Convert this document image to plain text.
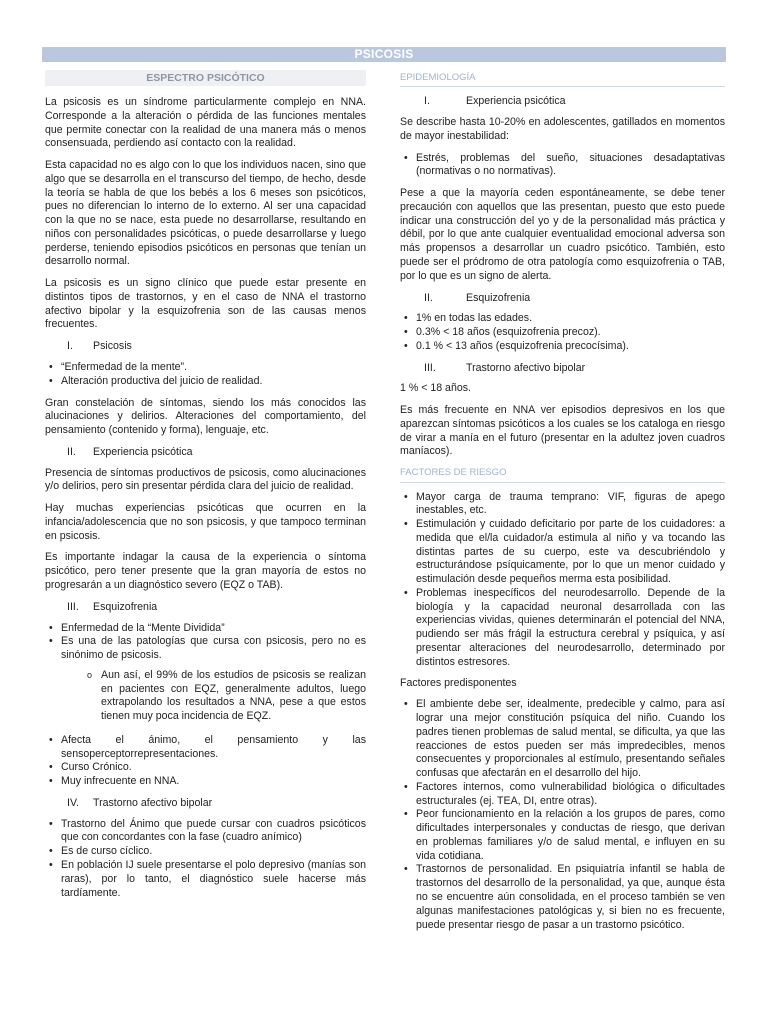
PSICOSIS
ESPECTRO PSICÓTICO

La psicosis es un síndrome particularmente complejo en NNA. Corresponde a la alteración o pérdida de las funciones mentales que permite conectar con la realidad de una manera más o menos consensuada, perdiendo así contacto con la realidad.

Esta capacidad no es algo con lo que los individuos nacen, sino que algo que se desarrolla en el transcurso del tiempo, de hecho, desde la teoría se habla de que los bebés a los 6 meses son psicóticos, pues no diferencian lo interno de lo externo. Al ser una capacidad con la que no se nace, esta puede no desarrollarse, resultando en niños con personalidades psicóticas, o puede desarrollarse y luego perderse, teniendo episodios psicóticos en personas que tenían un desarrollo normal.

La psicosis es un signo clínico que puede estar presente en distintos tipos de trastornos, y en el caso de NNA el trastorno afectivo bipolar y la esquizofrenia son de las causas menos frecuentes.

I.	Psicosis
• “Enfermedad de la mente”.
• Alteración productiva del juicio de realidad.

Gran constelación de síntomas, siendo los más conocidos las alucinaciones y delirios. Alteraciones del comportamiento, del pensamiento (contenido y forma), lenguaje, etc.

II.	Experiencia psicótica

Presencia de síntomas productivos de psicosis, como alucinaciones y/o delirios, pero sin presentar pérdida clara del juicio de realidad.

Hay muchas experiencias psicóticas que ocurren en la infancia/adolescencia que no son psicosis, y que tampoco terminan en psicosis.

Es importante indagar la causa de la experiencia o síntoma psicótico, pero tener presente que la gran mayoría de estos no progresarán a un diagnóstico severo (EQZ o TAB).

III.	Esquizofrenia
• Enfermedad de la “Mente Dividida”
• Es una de las patologías que cursa con psicosis, pero no es sinónimo de psicosis.
o Aun así, el 99% de los estudios de psicosis se realizan en pacientes con EQZ, generalmente adultos, luego extrapolando los resultados a NNA, pese a que estos tienen muy poca incidencia de EQZ.
• Afecta el ánimo, el pensamiento y las sensoperceptorrepresentaciones.
• Curso Crónico.
• Muy infrecuente en NNA.
IV.	Trastorno afectivo bipolar
• Trastorno del Ánimo que puede cursar con cuadros psicóticos que con concordantes con la fase (cuadro anímico)
• Es de curso cíclico.
• En población IJ suele presentarse el polo depresivo (manías son raras), por lo tanto, el diagnóstico suele hacerse más tardíamente.
EPIDEMIOLOGÍA
I.	Experiencia psicótica

Se describe hasta 10-20% en adolescentes, gatillados en momentos de mayor inestabilidad:

• Estrés, problemas del sueño, situaciones desadaptativas (normativas o no normativas).

Pese a que la mayoría ceden espontáneamente, se debe tener precaución con aquellos que las presentan, puesto que esto puede indicar una construcción del yo y de la personalidad más práctica y débil, por lo que ante cualquier eventualidad emocional adversa son más propensos a desarrollar un cuadro psicótico. También, esto puede ser el pródromo de otra patología como esquizofrenia o TAB, por lo que es un signo de alerta.

II.	Esquizofrenia
• 1% en todas las edades.
• 0.3% < 18 años (esquizofrenia precoz).
• 0.1 % < 13 años (esquizofrenia precocísima).
III.	Trastorno afectivo bipolar

1 % < 18 años.

Es más frecuente en NNA ver episodios depresivos en los que aparezcan síntomas psicóticos a los cuales se los cataloga en riesgo de virar a manía en el futuro (presentar en la adultez joven cuadros maníacos).

FACTORES DE RIESGO
• Mayor carga de trauma temprano: VIF, figuras de apego inestables, etc.
• Estimulación y cuidado deficitario por parte de los cuidadores: a medida que el/la cuidador/a estimula al niño y va tocando las distintas partes de su cuerpo, este va descubriéndolo y estructurándose psíquicamente, por lo que un menor cuidado y estimulación desde pequeños merma esta posibilidad.
• Problemas inespecíficos del neurodesarrollo. Depende de la biología y la capacidad neuronal desarrollada con las experiencias vividas, quienes determinarán el potencial del NNA, pudiendo ser más frágil la estructura cerebral y psíquica, y así presentar alteraciones del neurodesarrollo, determinado por distintos estresores.
Factores predisponentes
• El ambiente debe ser, idealmente, predecible y calmo, para así lograr una mejor constitución psíquica del niño. Cuando los padres tienen problemas de salud mental, se dificulta, ya que las reacciones de estos pueden ser más impredecibles, menos consecuentes y proporcionales al estímulo, presentando señales confusas que afectarán en el desarrollo del hijo.
• Factores internos, como vulnerabilidad biológica o dificultades estructurales (ej. TEA, DI, entre otras).
• Peor funcionamiento en la relación a los grupos de pares, como dificultades interpersonales y conductas de riesgo, que derivan en problemas familiares y/o de salud mental, e influyen en su vida cotidiana.
• Trastornos de personalidad. En psiquiatría infantil se habla de trastornos del desarrollo de la personalidad, ya que, aunque ésta no se encuentre aún consolidada, en el proceso también se ven algunas manifestaciones patológicas y, si bien no es frecuente, puede presentar riesgo de pasar a un trastorno psicótico.
